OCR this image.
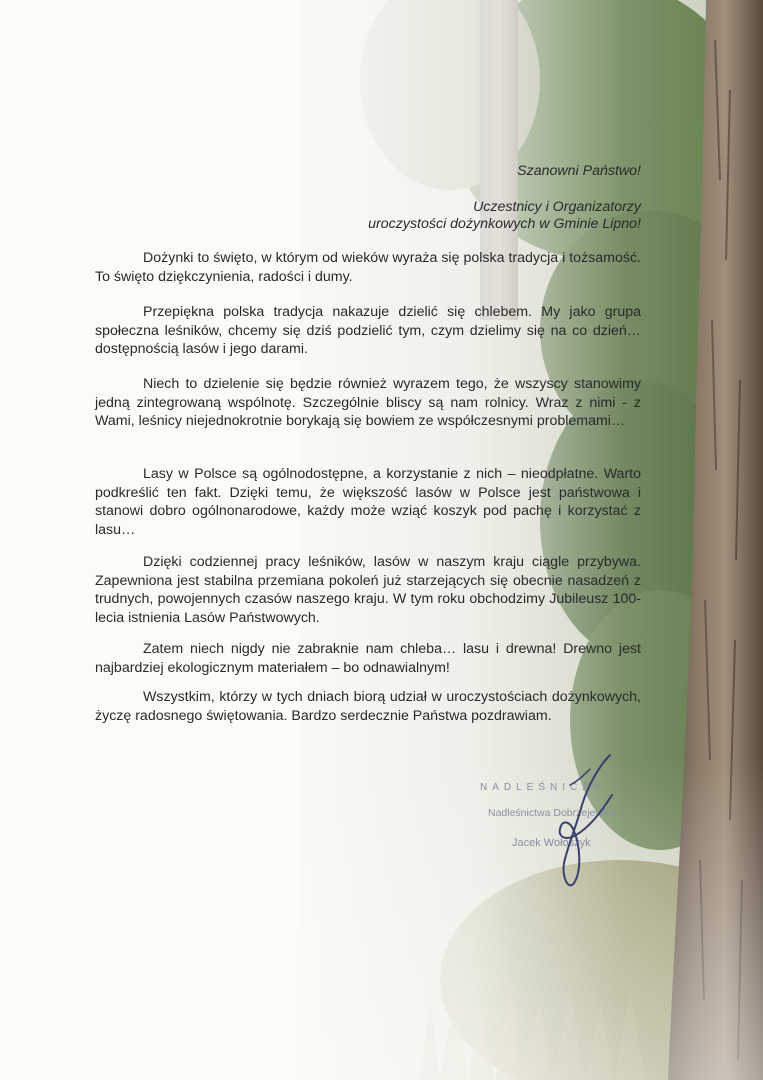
Szanowni Państwo!

Uczestnicy i Organizatorzy

uroczystości dożynkowych w Gminie Lipno!

Dożynki to święto, w którym od wieków wyraża się polska tradycja i tożsamość. To święto dziękczynienia, radości i dumy.

Przepiękna polska tradycja nakazuje dzielić się chlebem. My jako grupa społeczna leśników, chcemy się dziś podzielić tym, czym dzielimy się na co dzień… dostępnością lasów i jego darami.

Niech to dzielenie się będzie również wyrazem tego, że wszyscy stanowimy jedną zintegrowaną wspólnotę. Szczególnie bliscy są nam rolnicy. Wraz z nimi - z Wami, leśnicy niejednokrotnie borykają się bowiem ze współczesnymi problemami…

Lasy w Polsce są ogólnodostępne, a korzystanie z nich – nieodpłatne. Warto podkreślić ten fakt. Dzięki temu, że większość lasów w Polsce jest państwowa i stanowi dobro ogólnonarodowe, każdy może wziąć koszyk pod pachę i korzystać z lasu…

Dzięki codziennej pracy leśników, lasów w naszym kraju ciągle przybywa. Zapewniona jest stabilna przemiana pokoleń już starzejących się obecnie nasadzeń z trudnych, powojennych czasów naszego kraju. W tym roku obchodzimy Jubileusz 100-lecia istnienia Lasów Państwowych.

Zatem niech nigdy nie zabraknie nam chleba… lasu i drewna! Drewno jest najbardziej ekologicznym materiałem – bo odnawialnym!

Wszystkim, którzy w tych dniach biorą udział w uroczystościach dożynkowych, życzę radosnego świętowania. Bardzo serdecznie Państwa pozdrawiam.

NADLEŚNICZY
Nadleśnictwa Dobrzejewice
Jacek Wołoszyk
